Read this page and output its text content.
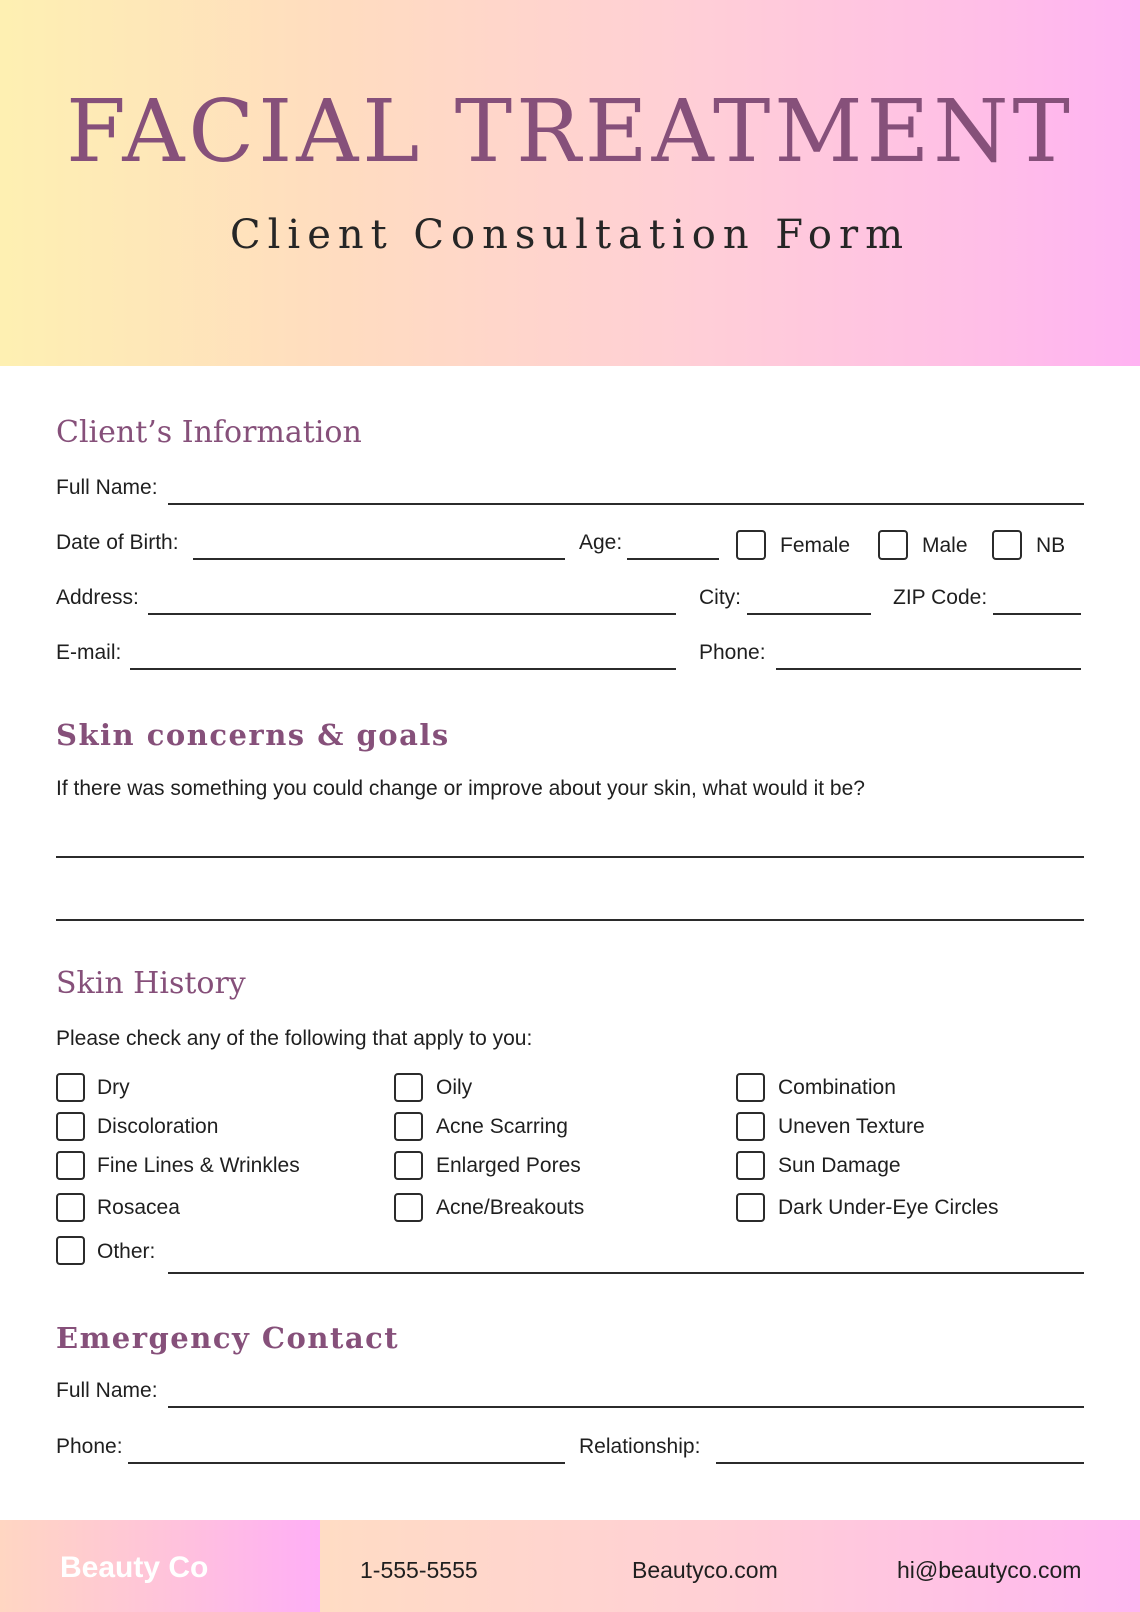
FACIAL TREATMENT
Client Consultation Form
Client’s Information
Full Name:
Date of Birth:	Age:	Female	Male	NB
Address:	City:	ZIP Code:
E-mail:	Phone:
Skin concerns & goals
If there was something you could change or improve about your skin, what would it be?
Skin History
Please check any of the following that apply to you:
Dry	Oily	Combination
Discoloration	Acne Scarring	Uneven Texture
Fine Lines & Wrinkles	Enlarged Pores	Sun Damage
Rosacea	Acne/Breakouts	Dark Under-Eye Circles
Other:
Emergency Contact
Full Name:
Phone:	Relationship:
Beauty Co	1-555-5555	Beautyco.com	hi@beautyco.com
